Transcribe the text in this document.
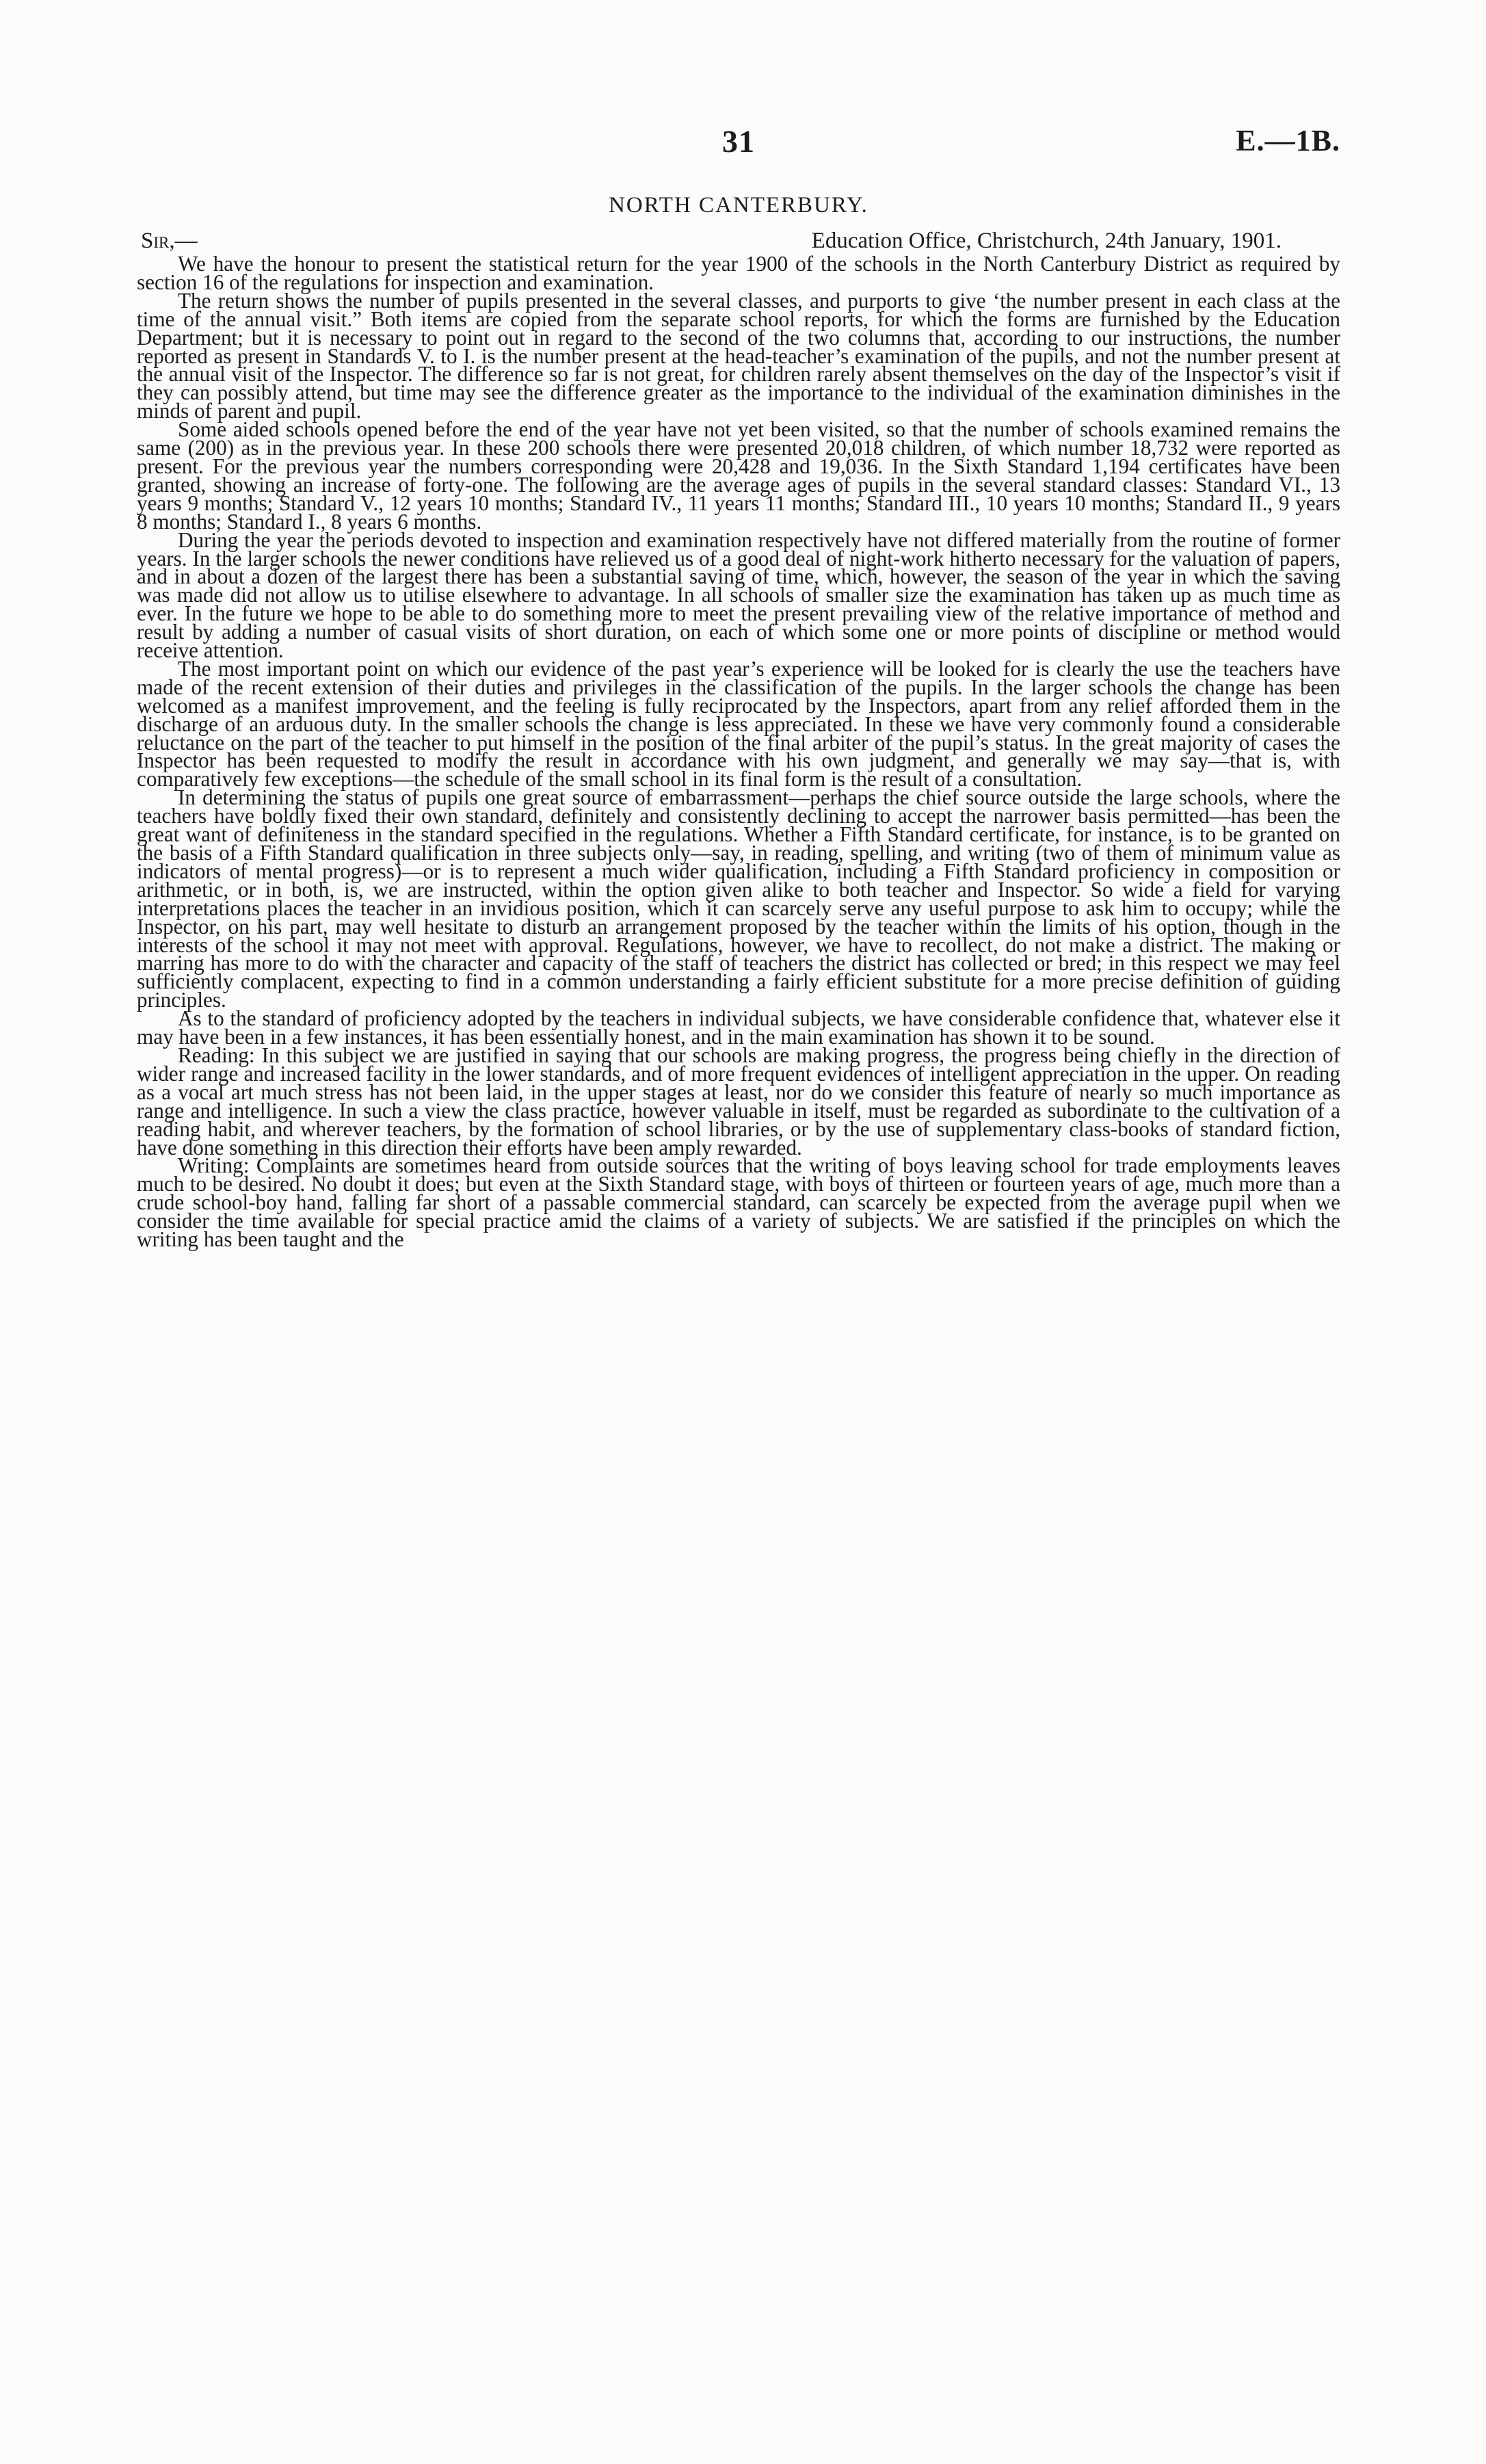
31	E.—1B.
NORTH CANTERBURY.
Sir,—	Education Office, Christchurch, 24th January, 1901.

We have the honour to present the statistical return for the year 1900 of the schools in the North Canterbury District as required by section 16 of the regulations for inspection and examination.

The return shows the number of pupils presented in the several classes, and purports to give ‘the number present in each class at the time of the annual visit.” Both items are copied from the separate school reports, for which the forms are furnished by the Education Department; but it is necessary to point out in regard to the second of the two columns that, according to our instructions, the number reported as present in Standards V. to I. is the number present at the head-teacher’s examination of the pupils, and not the number present at the annual visit of the Inspector. The difference so far is not great, for children rarely absent themselves on the day of the Inspector’s visit if they can possibly attend, but time may see the difference greater as the importance to the individual of the examination diminishes in the minds of parent and pupil.

Some aided schools opened before the end of the year have not yet been visited, so that the number of schools examined remains the same (200) as in the previous year. In these 200 schools there were presented 20,018 children, of which number 18,732 were reported as present. For the previous year the numbers corresponding were 20,428 and 19,036. In the Sixth Standard 1,194 certificates have been granted, showing an increase of forty-one. The following are the average ages of pupils in the several standard classes: Standard VI., 13 years 9 months; Standard V., 12 years 10 months; Standard IV., 11 years 11 months; Standard III., 10 years 10 months; Standard II., 9 years 8 months; Standard I., 8 years 6 months.

During the year the periods devoted to inspection and examination respectively have not differed materially from the routine of former years. In the larger schools the newer conditions have relieved us of a good deal of night-work hitherto necessary for the valuation of papers, and in about a dozen of the largest there has been a substantial saving of time, which, however, the season of the year in which the saving was made did not allow us to utilise elsewhere to advantage. In all schools of smaller size the examination has taken up as much time as ever. In the future we hope to be able to do something more to meet the present prevailing view of the relative importance of method and result by adding a number of casual visits of short duration, on each of which some one or more points of discipline or method would receive attention.

The most important point on which our evidence of the past year’s experience will be looked for is clearly the use the teachers have made of the recent extension of their duties and privileges in the classification of the pupils. In the larger schools the change has been welcomed as a manifest improvement, and the feeling is fully reciprocated by the Inspectors, apart from any relief afforded them in the discharge of an arduous duty. In the smaller schools the change is less appreciated. In these we have very commonly found a considerable reluctance on the part of the teacher to put himself in the position of the final arbiter of the pupil’s status. In the great majority of cases the Inspector has been requested to modify the result in accordance with his own judgment, and generally we may say—that is, with comparatively few exceptions—the schedule of the small school in its final form is the result of a consultation.

In determining the status of pupils one great source of embarrassment—perhaps the chief source outside the large schools, where the teachers have boldly fixed their own standard, definitely and consistently declining to accept the narrower basis permitted—has been the great want of definiteness in the standard specified in the regulations. Whether a Fifth Standard certificate, for instance, is to be granted on the basis of a Fifth Standard qualification in three subjects only—say, in reading, spelling, and writing (two of them of minimum value as indicators of mental progress)—or is to represent a much wider qualification, including a Fifth Standard proficiency in composition or arithmetic, or in both, is, we are instructed, within the option given alike to both teacher and Inspector. So wide a field for varying interpretations places the teacher in an invidious position, which it can scarcely serve any useful purpose to ask him to occupy; while the Inspector, on his part, may well hesitate to disturb an arrangement proposed by the teacher within the limits of his option, though in the interests of the school it may not meet with approval. Regulations, however, we have to recollect, do not make a district. The making or marring has more to do with the character and capacity of the staff of teachers the district has collected or bred; in this respect we may feel sufficiently complacent, expecting to find in a common understanding a fairly efficient substitute for a more precise definition of guiding principles.

As to the standard of proficiency adopted by the teachers in individual subjects, we have considerable confidence that, whatever else it may have been in a few instances, it has been essentially honest, and in the main examination has shown it to be sound.

Reading: In this subject we are justified in saying that our schools are making progress, the progress being chiefly in the direction of wider range and increased facility in the lower standards, and of more frequent evidences of intelligent appreciation in the upper. On reading as a vocal art much stress has not been laid, in the upper stages at least, nor do we consider this feature of nearly so much importance as range and intelligence. In such a view the class practice, however valuable in itself, must be regarded as subordinate to the cultivation of a reading habit, and wherever teachers, by the formation of school libraries, or by the use of supplementary class-books of standard fiction, have done something in this direction their efforts have been amply rewarded.

Writing: Complaints are sometimes heard from outside sources that the writing of boys leaving school for trade employments leaves much to be desired. No doubt it does; but even at the Sixth Standard stage, with boys of thirteen or fourteen years of age, much more than a crude school-boy hand, falling far short of a passable commercial standard, can scarcely be expected from the average pupil when we consider the time available for special practice amid the claims of a variety of subjects. We are satisfied if the principles on which the writing has been taught and the
